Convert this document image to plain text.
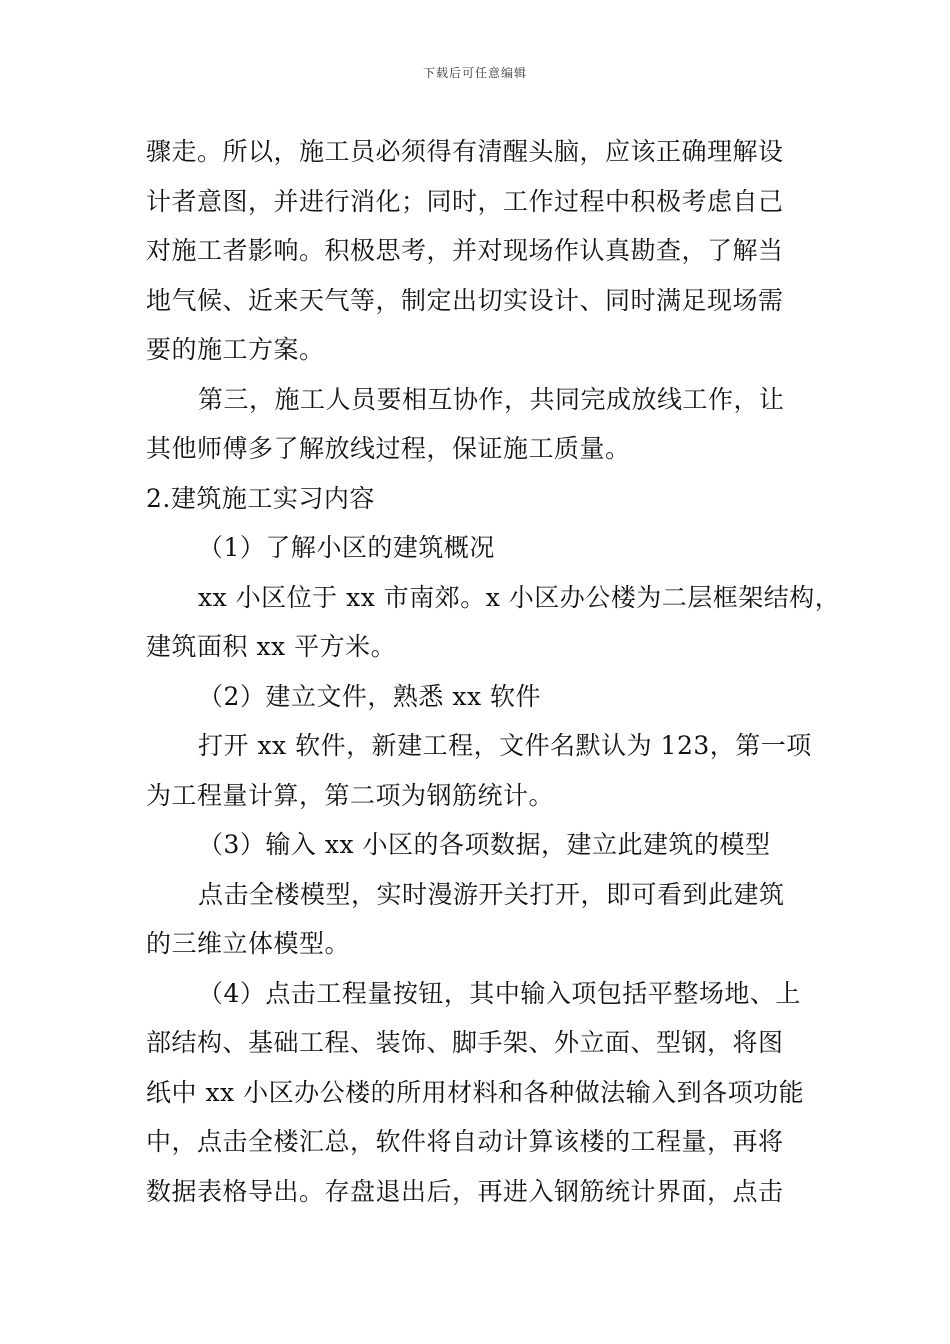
下载后可任意编辑
骤走。所以，施工员必须得有清醒头脑，应该正确理解设
计者意图，并进行消化；同时，工作过程中积极考虑自己
对施工者影响。积极思考，并对现场作认真勘查，了解当
地气候、近来天气等，制定出切实设计、同时满足现场需
要的施工方案。
第三，施工人员要相互协作，共同完成放线工作，让
其他师傅多了解放线过程，保证施工质量。
2.建筑施工实习内容
（1）了解小区的建筑概况
xx 小区位于 xx 市南郊。x 小区办公楼为二层框架结构，
建筑面积 xx 平方米。
（2）建立文件，熟悉 xx 软件
打开 xx 软件，新建工程，文件名默认为 123，第一项
为工程量计算，第二项为钢筋统计。
（3）输入 xx 小区的各项数据，建立此建筑的模型
点击全楼模型，实时漫游开关打开，即可看到此建筑
的三维立体模型。
（4）点击工程量按钮，其中输入项包括平整场地、上
部结构、基础工程、装饰、脚手架、外立面、型钢，将图
纸中 xx 小区办公楼的所用材料和各种做法输入到各项功能
中，点击全楼汇总，软件将自动计算该楼的工程量，再将
数据表格导出。存盘退出后，再进入钢筋统计界面，点击
